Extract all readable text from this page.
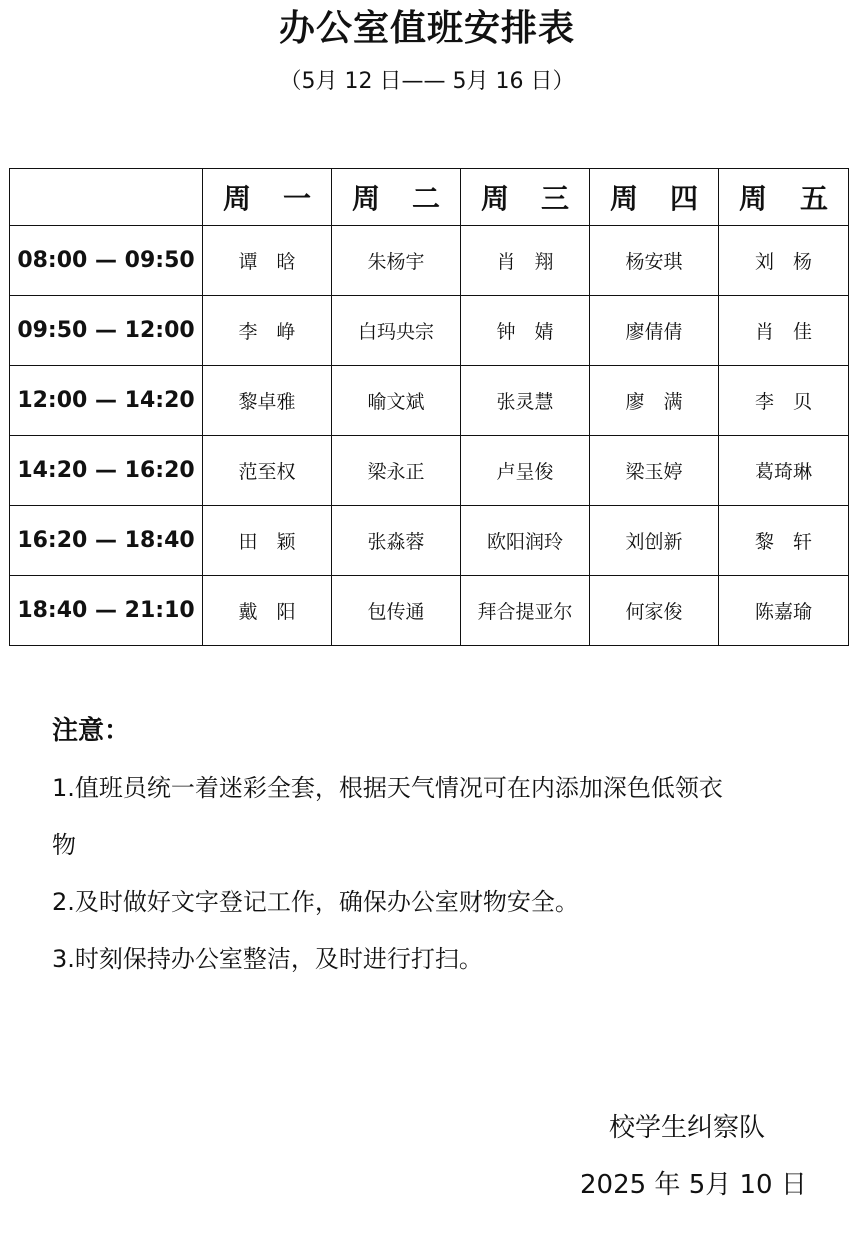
办公室值班安排表
（5月 12 日—— 5月 16 日）

	周 一	周 二	周 三	周 四	周 五

08:00 — 09:50	谭　晗	朱杨宇	肖　翔	杨安琪	刘　杨
09:50 — 12:00	李　峥	白玛央宗	钟　婧	廖倩倩	肖　佳
12:00 — 14:20	黎卓雅	喻文斌	张灵慧	廖　满	李　贝
14:20 — 16:20	范至权	梁永正	卢呈俊	梁玉婷	葛琦琳
16:20 — 18:40	田　颖	张淼蓉	欧阳润玲	刘创新	黎　轩
18:40 — 21:10	戴　阳	包传通	拜合提亚尔	何家俊	陈嘉瑜
注意：
1.值班员统一着迷彩全套，根据天气情况可在内添加深色低领衣
物
2.及时做好文字登记工作，确保办公室财物安全。
3.时刻保持办公室整洁，及时进行打扫。
校学生纠察队
2025 年 5月 10 日
